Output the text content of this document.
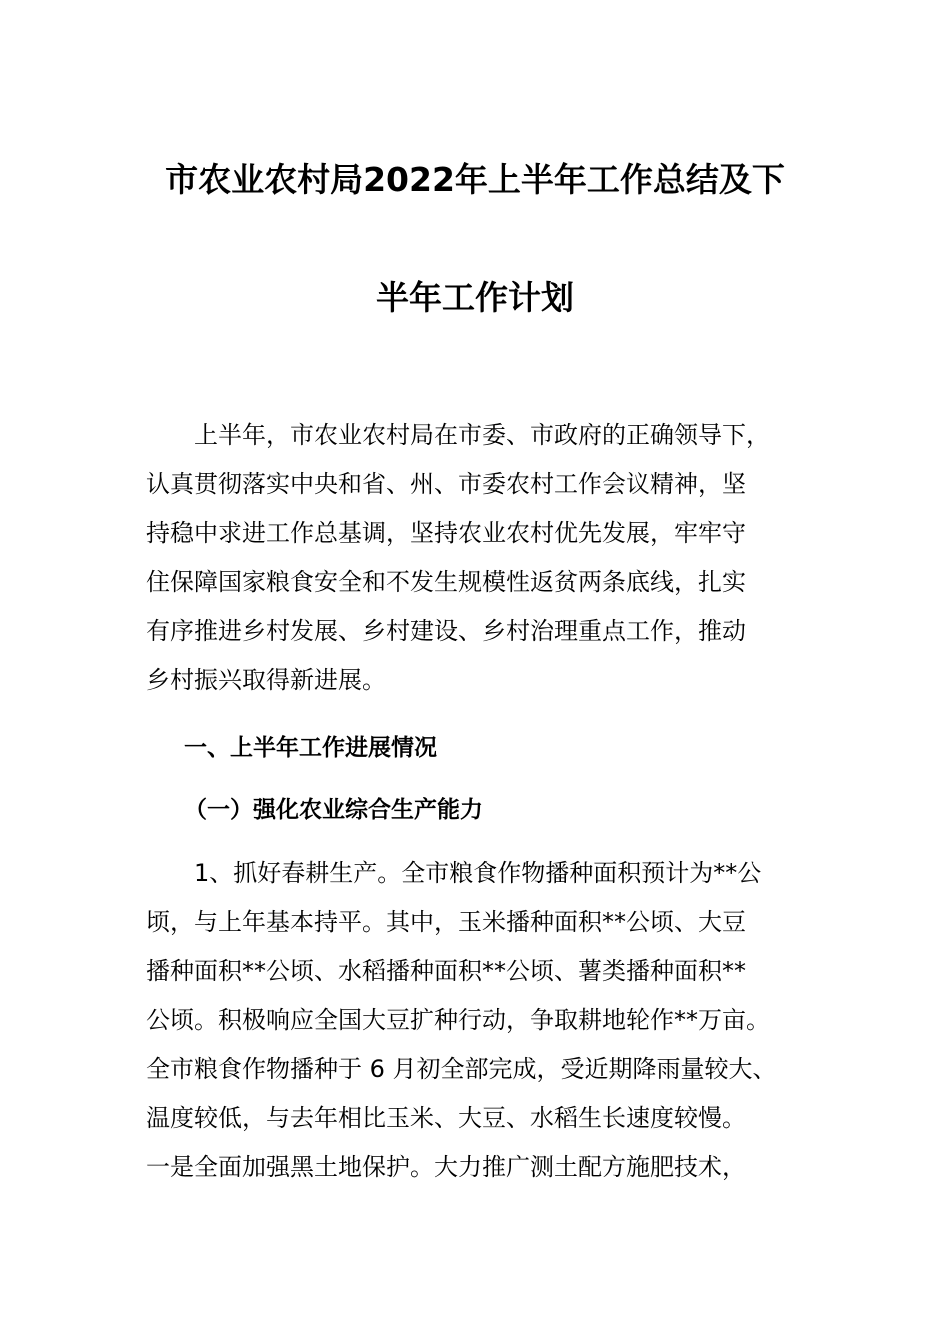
市农业农村局2022年上半年工作总结及下
半年工作计划
　　上半年，市农业农村局在市委、市政府的正确领导下，
认真贯彻落实中央和省、州、市委农村工作会议精神，坚
持稳中求进工作总基调，坚持农业农村优先发展，牢牢守
住保障国家粮食安全和不发生规模性返贫两条底线，扎实
有序推进乡村发展、乡村建设、乡村治理重点工作，推动
乡村振兴取得新进展。
一、上半年工作进展情况
（一）强化农业综合生产能力
　　1、抓好春耕生产。全市粮食作物播种面积预计为**公
顷，与上年基本持平。其中，玉米播种面积**公顷、大豆
播种面积**公顷、水稻播种面积**公顷、薯类播种面积**
公顷。积极响应全国大豆扩种行动，争取耕地轮作**万亩。
全市粮食作物播种于 6 月初全部完成，受近期降雨量较大、
温度较低，与去年相比玉米、大豆、水稻生长速度较慢。
一是全面加强黑土地保护。大力推广测土配方施肥技术，
